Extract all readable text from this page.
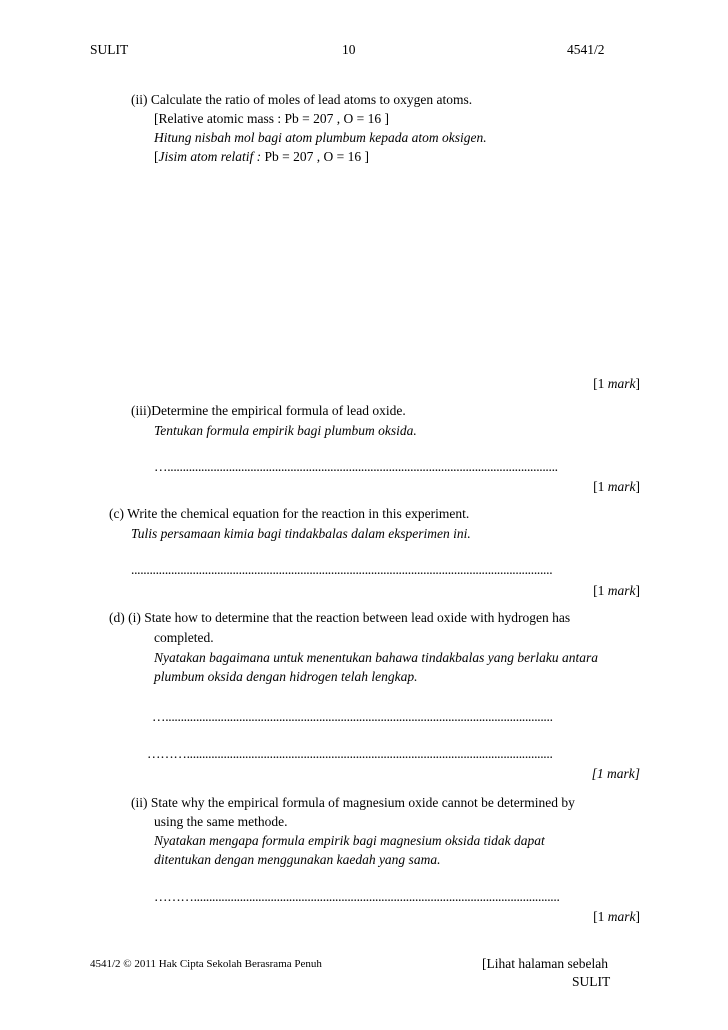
SULIT	10	4541/2
(ii) Calculate the ratio of moles of lead atoms to oxygen atoms.
[Relative atomic mass : Pb = 207 , O = 16 ]
Hitung nisbah mol bagi atom plumbum kepada atom oksigen.
[Jisim atom relatif : Pb = 207 , O = 16 ]
[1 mark]
(iii)Determine the empirical formula of lead oxide.
Tentukan formula empirik bagi plumbum oksida.
…...............................................................................................................................
[1 mark]
(c) Write the chemical equation for the reaction in this experiment.
Tulis persamaan kimia bagi tindakbalas dalam eksperimen ini.
.........................................................................................................................................
[1 mark]
(d) (i) State how to determine that the reaction between lead oxide with hydrogen has
completed.
Nyatakan bagaimana untuk menentukan bahawa tindakbalas yang berlaku antara
plumbum oksida dengan hidrogen telah lengkap.
…..............................................................................................................................
……….......................................................................................................................
[1 mark]
(ii) State why the empirical formula of magnesium oxide cannot be determined by
using the same methode.
Nyatakan mengapa formula empirik bagi magnesium oksida tidak dapat
ditentukan dengan menggunakan kaedah yang sama.
……….......................................................................................................................
[1 mark]
4541/2 © 2011 Hak Cipta Sekolah Berasrama Penuh	[Lihat halaman sebelah
SULIT
